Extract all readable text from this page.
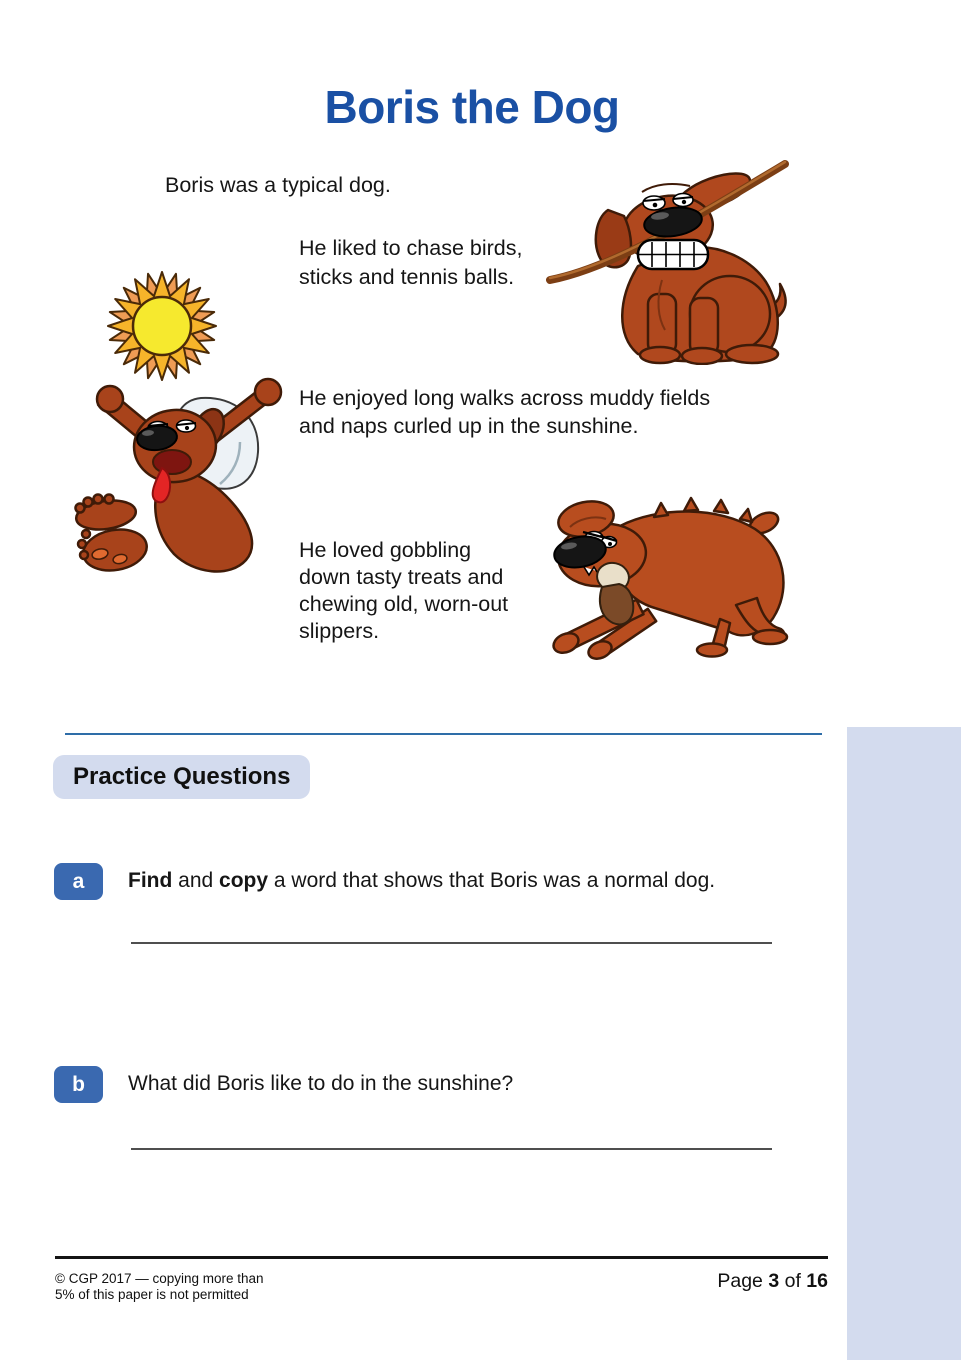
Boris the Dog
Boris was a typical dog.
He liked to chase birds,
sticks and tennis balls.
He enjoyed long walks across muddy fields
and naps curled up in the sunshine.
He loved gobbling
down tasty treats and
chewing old, worn-out
slippers.
Practice Questions
a	Find and copy a word that shows that Boris was a normal dog.
b	What did Boris like to do in the sunshine?
© CGP 2017 — copying more than
5% of this paper is not permitted
Page 3 of 16
